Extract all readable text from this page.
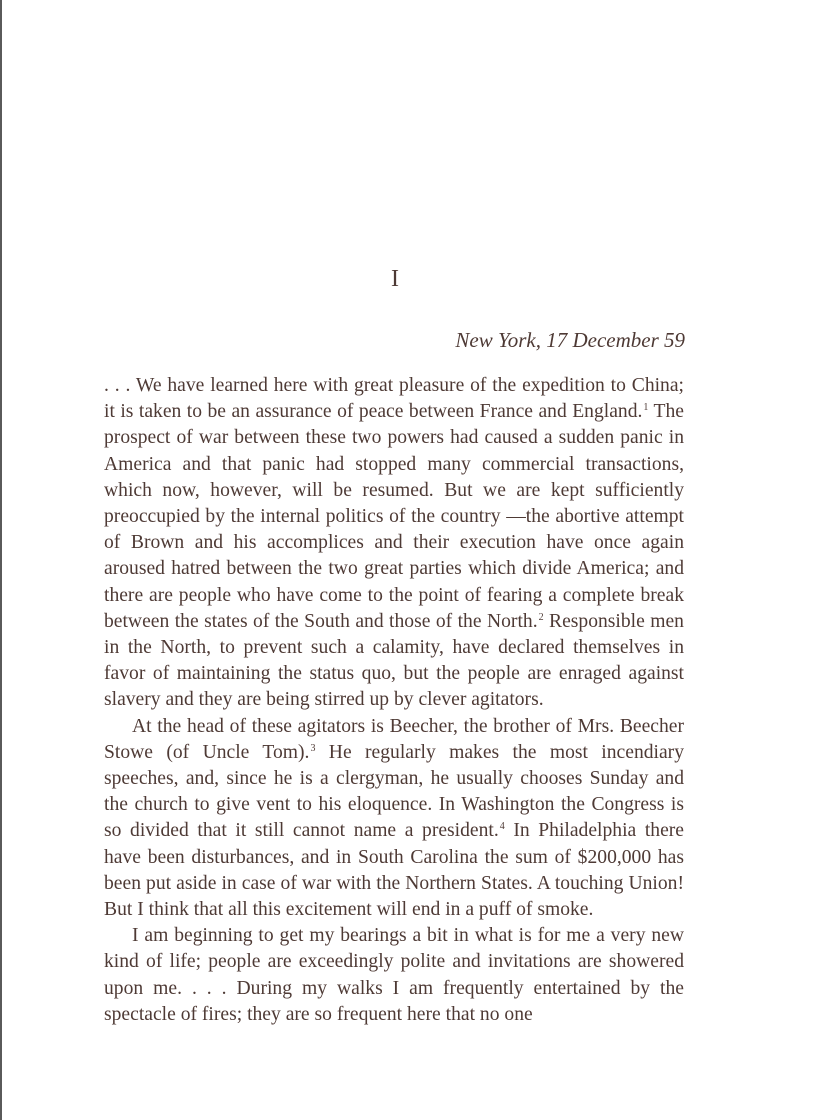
I
New York, 17 December 59

. . . We have learned here with great pleasure of the expedition to China; it is taken to be an assurance of peace between France and England.$^1$ The prospect of war between these two powers had caused a sudden panic in America and that panic had stopped many commercial transactions, which now, however, will be resumed. But we are kept sufficiently preoccupied by the internal politics of the country —the abortive attempt of Brown and his accomplices and their execution have once again aroused hatred between the two great parties which divide America; and there are people who have come to the point of fearing a complete break between the states of the South and those of the North.$^2$ Responsible men in the North, to prevent such a calamity, have declared themselves in favor of maintaining the status quo, but the people are enraged against slavery and they are being stirred up by clever agitators.

At the head of these agitators is Beecher, the brother of Mrs. Beecher Stowe (of Uncle Tom).$^3$ He regularly makes the most incendiary speeches, and, since he is a clergyman, he usually chooses Sunday and the church to give vent to his eloquence. In Washington the Congress is so divided that it still cannot name a president.$^4$ In Philadelphia there have been disturbances, and in South Carolina the sum of $200,000 has been put aside in case of war with the Northern States. A touching Union! But I think that all this excitement will end in a puff of smoke.

I am beginning to get my bearings a bit in what is for me a very new kind of life; people are exceedingly polite and invitations are showered upon me. . . . During my walks I am frequently entertained by the spectacle of fires; they are so frequent here that no one
